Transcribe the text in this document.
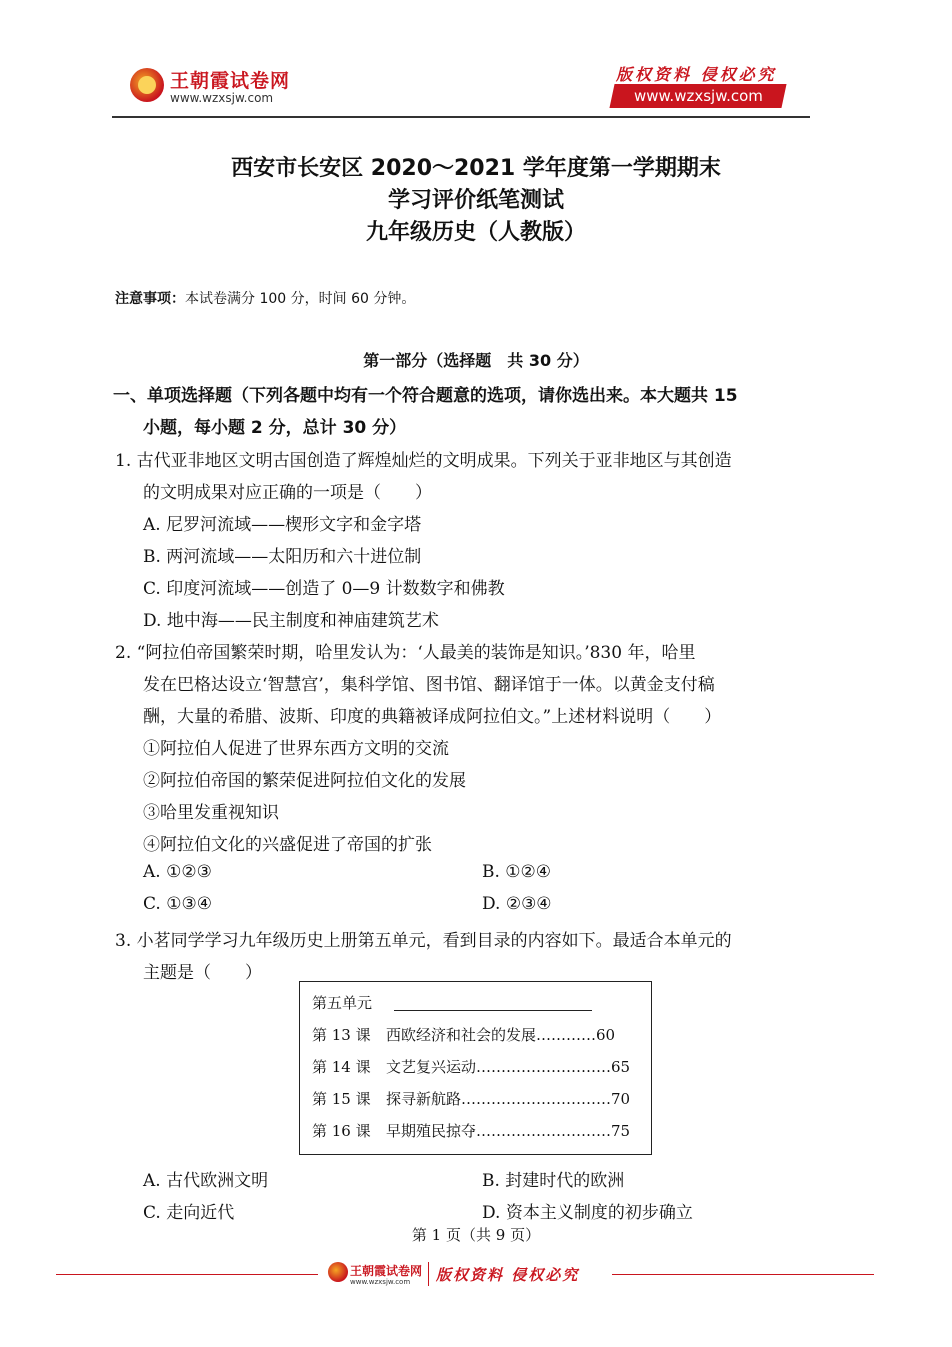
王朝霞试卷网
www.wzxsjw.com
版权资料 侵权必究
www.wzxsjw.com
西安市长安区 2020～2021 学年度第一学期期末
学习评价纸笔测试
九年级历史（人教版）
注意事项：本试卷满分 100 分，时间 60 分钟。
第一部分（选择题　共 30 分）
一、单项选择题（下列各题中均有一个符合题意的选项，请你选出来。本大题共 15
小题，每小题 2 分，总计 30 分）
1. 古代亚非地区文明古国创造了辉煌灿烂的文明成果。下列关于亚非地区与其创造
的文明成果对应正确的一项是（　　）
A. 尼罗河流域——楔形文字和金字塔
B. 两河流域——太阳历和六十进位制
C. 印度河流域——创造了 0—9 计数数字和佛教
D. 地中海——民主制度和神庙建筑艺术
2. “阿拉伯帝国繁荣时期，哈里发认为：‘人最美的装饰是知识。’830 年，哈里
发在巴格达设立‘智慧宫’，集科学馆、图书馆、翻译馆于一体。以黄金支付稿
酬，大量的希腊、波斯、印度的典籍被译成阿拉伯文。”上述材料说明（　　）
①阿拉伯人促进了世界东西方文明的交流
②阿拉伯帝国的繁荣促进阿拉伯文化的发展
③哈里发重视知识
④阿拉伯文化的兴盛促进了帝国的扩张
A. ①②③	B. ①②④
C. ①③④	D. ②③④
3. 小茗同学学习九年级历史上册第五单元，看到目录的内容如下。最适合本单元的
主题是（　　）
第五单元
第 13 课 西欧经济和社会的发展…………60
第 14 课 文艺复兴运动………………………65
第 15 课 探寻新航路…………………………70
第 16 课 早期殖民掠夺………………………75
A. 古代欧洲文明	B. 封建时代的欧洲
C. 走向近代	D. 资本主义制度的初步确立
第 1 页（共 9 页）
王朝霞试卷网
www.wzxsjw.com 版权资料 侵权必究
